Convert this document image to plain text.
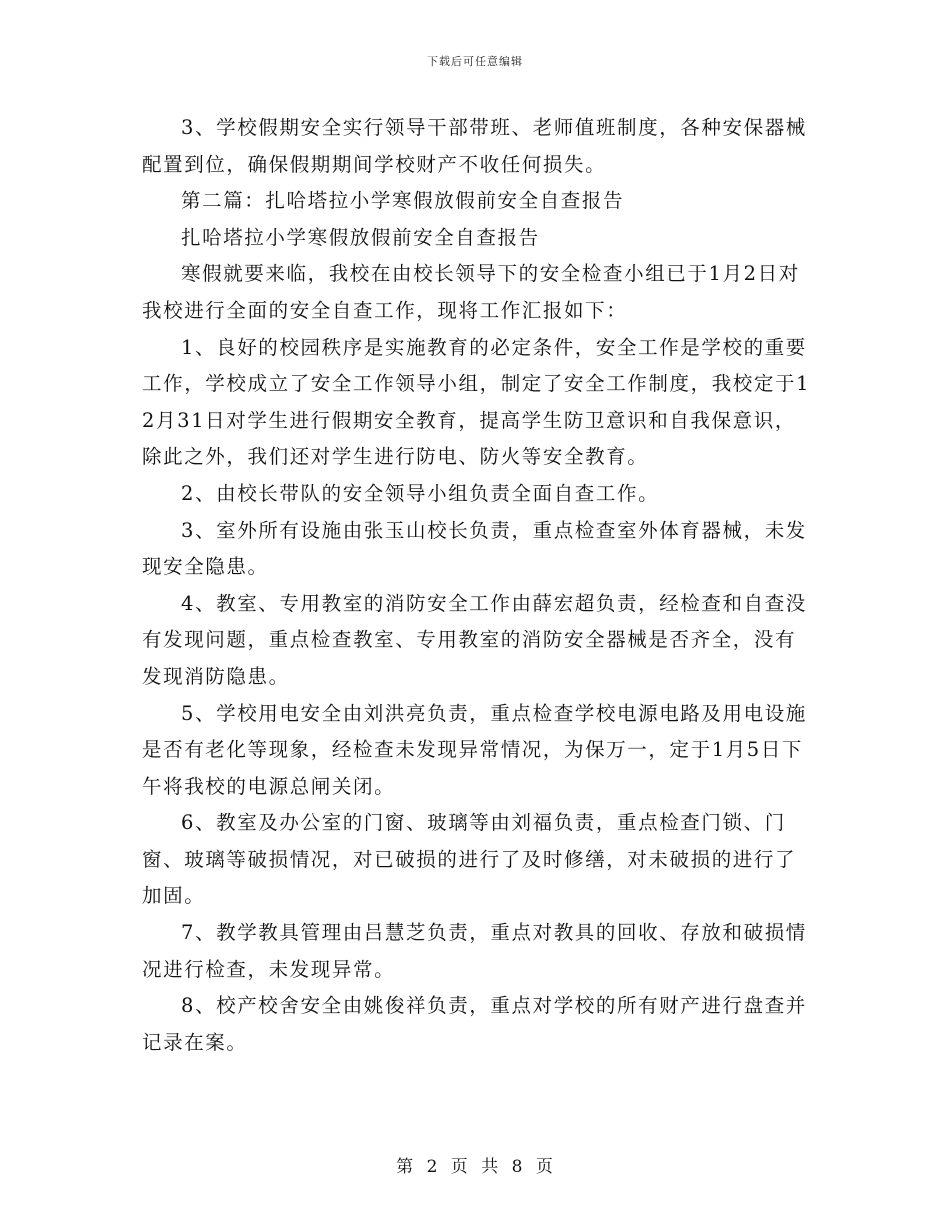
下载后可任意编辑

3、学校假期安全实行领导干部带班、老师值班制度，各种安保器械配置到位，确保假期期间学校财产不收任何损失。

第二篇：扎哈塔拉小学寒假放假前安全自查报告

扎哈塔拉小学寒假放假前安全自查报告

寒假就要来临，我校在由校长领导下的安全检查小组已于1月2日对我校进行全面的安全自查工作，现将工作汇报如下：

1、良好的校园秩序是实施教育的必定条件，安全工作是学校的重要工作，学校成立了安全工作领导小组，制定了安全工作制度，我校定于12月31日对学生进行假期安全教育，提高学生防卫意识和自我保意识，除此之外，我们还对学生进行防电、防火等安全教育。

2、由校长带队的安全领导小组负责全面自查工作。

3、室外所有设施由张玉山校长负责，重点检查室外体育器械，未发现安全隐患。

4、教室、专用教室的消防安全工作由薛宏超负责，经检查和自查没有发现问题，重点检查教室、专用教室的消防安全器械是否齐全，没有发现消防隐患。

5、学校用电安全由刘洪亮负责，重点检查学校电源电路及用电设施是否有老化等现象，经检查未发现异常情况，为保万一，定于1月5日下午将我校的电源总闸关闭。

6、教室及办公室的门窗、玻璃等由刘福负责，重点检查门锁、门窗、玻璃等破损情况，对已破损的进行了及时修缮，对未破损的进行了加固。

7、教学教具管理由吕慧芝负责，重点对教具的回收、存放和破损情况进行检查，未发现异常。

8、校产校舍安全由姚俊祥负责，重点对学校的所有财产进行盘查并记录在案。

第 2 页 共 8 页
